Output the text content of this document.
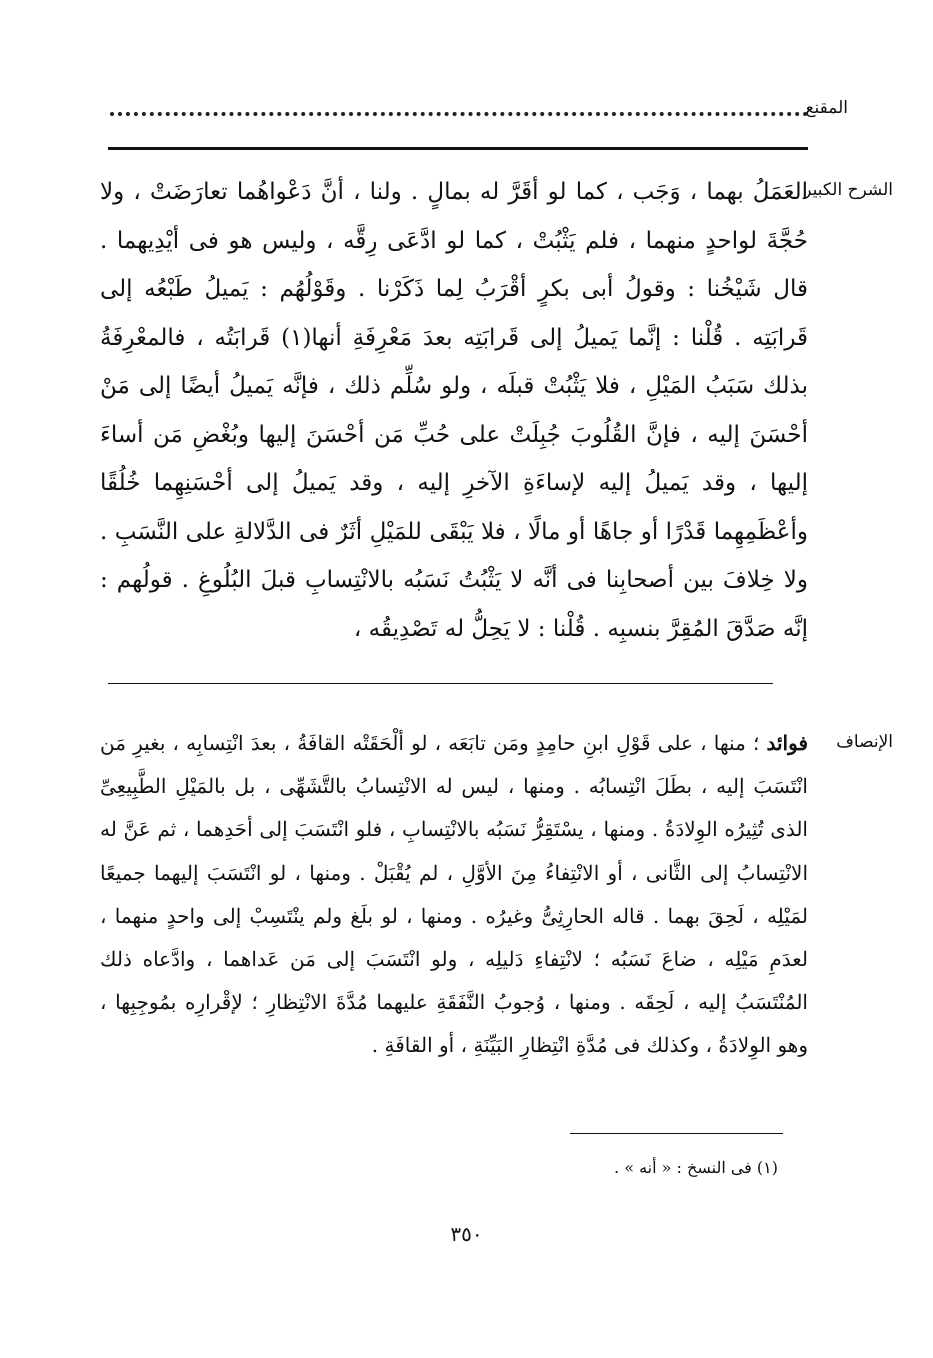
المقنع
الشرح الكبير

العَمَلُ بهما ، وَجَب ، كما لو أقَرَّ له بمالٍ . ولنا ، أنَّ دَعْواهُما تعارَضَتْ ، ولا حُجَّةَ لواحدٍ منهما ، فلم يَثْبُتْ ، كما لو ادَّعَى رِقَّه ، وليس هو فى أيْدِيهما . قال شَيْخُنا : وقولُ أبى بكرٍ أقْرَبُ لِما ذَكَرْنا . وقَوْلُهُم : يَميلُ طَبْعُه إلى قَرابَتِه . قُلْنا : إنَّما يَميلُ إلى قَرابَتِه بعدَ مَعْرِفَةِ أنها(١) قَرابَتُه ، فالمعْرِفَةُ بذلك سَبَبُ المَيْلِ ، فلا يَثْبُتْ قبلَه ، ولو سُلِّم ذلك ، فإنَّه يَميلُ أيضًا إلى مَنْ أحْسَنَ إليه ، فإنَّ القُلُوبَ جُبِلَتْ على حُبِّ مَن أحْسَنَ إليها وبُغْضِ مَن أساءَ إليها ، وقد يَميلُ إليه لإساءَةِ الآخرِ إليه ، وقد يَميلُ إلى أحْسَنِهِما خُلُقًا وأعْظَمِهِما قَدْرًا أو جاهًا أو مالًا ، فلا يَبْقَى للمَيْلِ أثَرٌ فى الدَّلالةِ على النَّسَبِ . ولا خِلافَ بين أصحابِنا فى أنَّه لا يَثْبُتُ نَسَبُه بالانْتِسابِ قبلَ البُلُوغِ . قولُهم : إنَّه صَدَّقَ المُقِرَّ بنسبِه . قُلْنا : لا يَحِلُّ له تَصْدِيقُه ،

الإنصاف

فوائد ؛ منها ، على قَوْلِ ابنِ حامِدٍ ومَن تابَعَه ، لو ألْحَقَتْه القافَةُ ، بعدَ انْتِسابِه ، بغيرِ مَن انْتَسَبَ إليه ، بطَلَ انْتِسابُه . ومنها ، ليس له الانْتِسابُ بالتَّشَهِّى ، بل بالمَيْلِ الطَّبِيعِىِّ الذى تُثِيرُه الوِلادَةُ . ومنها ، يسْتَقِرُّ نَسَبُه بالانْتِسابِ ، فلو انْتَسَبَ إلى أحَدِهما ، ثم عَنَّ له الانْتِسابُ إلى الثَّانى ، أو الانْتِفاءُ مِنَ الأوَّلِ ، لم يُقْبَلْ . ومنها ، لو انْتَسَبَ إليهما جميعًا لمَيْلِه ، لَحِقَ بهما . قاله الحارِثِىُّ وغيرُه . ومنها ، لو بلَغ ولم ينْتَسِبْ إلى واحدٍ منهما ، لعدَمِ مَيْلِه ، ضاعَ نَسَبُه ؛ لانْتِفاءِ دَليلِه ، ولو انْتَسَبَ إلى مَن عَداهما ، وادَّعاه ذلك المُنْتَسَبُ إليه ، لَحِقَه . ومنها ، وُجوبُ النَّفَقَةِ عليهما مُدَّةَ الانْتِظارِ ؛ لإقْرارِه بمُوجِبِها ، وهو الوِلادَةُ ، وكذلك فى مُدَّةِ انْتِظارِ البَيِّنَةِ ، أو القافَةِ .

(١) فى النسخ : « أنه » .
٣٥٠
